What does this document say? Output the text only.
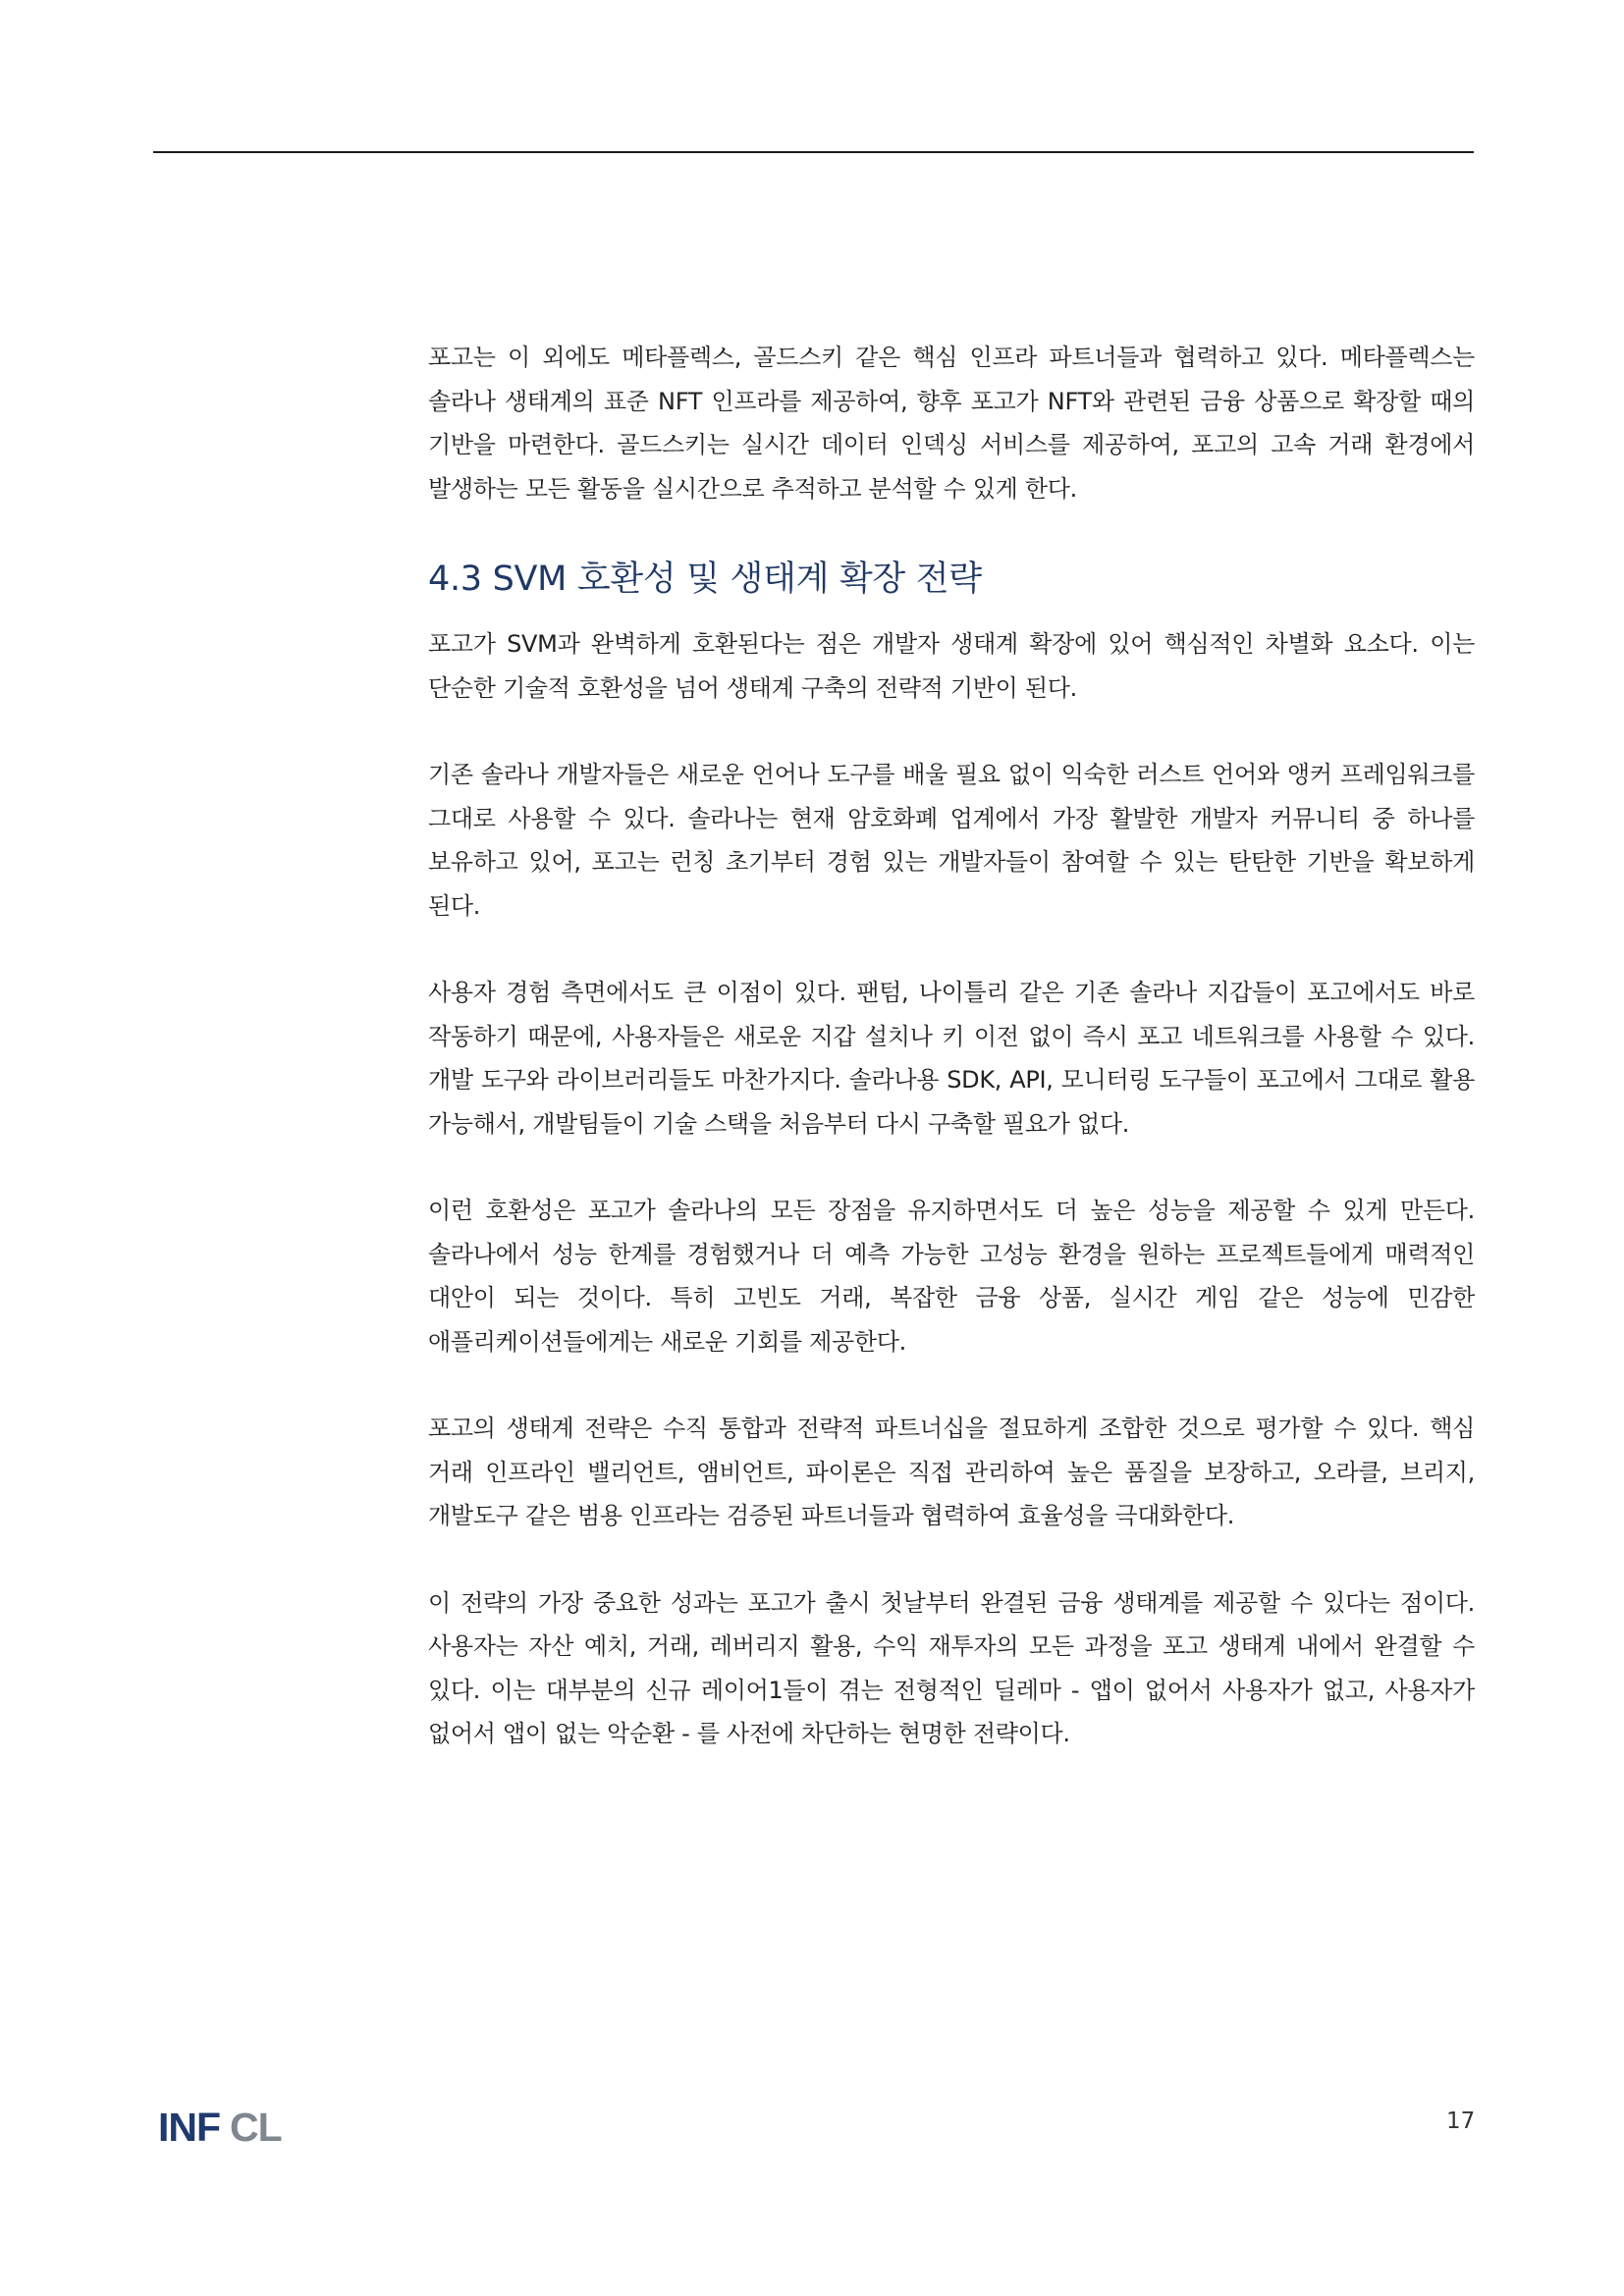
포고는 이 외에도 메타플렉스, 골드스키 같은 핵심 인프라 파트너들과 협력하고 있다. 메타플렉스는 솔라나 생태계의 표준 NFT 인프라를 제공하여, 향후 포고가 NFT와 관련된 금융 상품으로 확장할 때의 기반을 마련한다. 골드스키는 실시간 데이터 인덱싱 서비스를 제공하여, 포고의 고속 거래 환경에서 발생하는 모든 활동을 실시간으로 추적하고 분석할 수 있게 한다.

4.3 SVM 호환성 및 생태계 확장 전략

포고가 SVM과 완벽하게 호환된다는 점은 개발자 생태계 확장에 있어 핵심적인 차별화 요소다. 이는 단순한 기술적 호환성을 넘어 생태계 구축의 전략적 기반이 된다.

기존 솔라나 개발자들은 새로운 언어나 도구를 배울 필요 없이 익숙한 러스트 언어와 앵커 프레임워크를 그대로 사용할 수 있다. 솔라나는 현재 암호화폐 업계에서 가장 활발한 개발자 커뮤니티 중 하나를 보유하고 있어, 포고는 런칭 초기부터 경험 있는 개발자들이 참여할 수 있는 탄탄한 기반을 확보하게 된다.

사용자 경험 측면에서도 큰 이점이 있다. 팬텀, 나이틀리 같은 기존 솔라나 지갑들이 포고에서도 바로 작동하기 때문에, 사용자들은 새로운 지갑 설치나 키 이전 없이 즉시 포고 네트워크를 사용할 수 있다. 개발 도구와 라이브러리들도 마찬가지다. 솔라나용 SDK, API, 모니터링 도구들이 포고에서 그대로 활용 가능해서, 개발팀들이 기술 스택을 처음부터 다시 구축할 필요가 없다.

이런 호환성은 포고가 솔라나의 모든 장점을 유지하면서도 더 높은 성능을 제공할 수 있게 만든다. 솔라나에서 성능 한계를 경험했거나 더 예측 가능한 고성능 환경을 원하는 프로젝트들에게 매력적인 대안이 되는 것이다. 특히 고빈도 거래, 복잡한 금융 상품, 실시간 게임 같은 성능에 민감한 애플리케이션들에게는 새로운 기회를 제공한다.

포고의 생태계 전략은 수직 통합과 전략적 파트너십을 절묘하게 조합한 것으로 평가할 수 있다. 핵심 거래 인프라인 밸리언트, 앰비언트, 파이론은 직접 관리하여 높은 품질을 보장하고, 오라클, 브리지, 개발도구 같은 범용 인프라는 검증된 파트너들과 협력하여 효율성을 극대화한다.

이 전략의 가장 중요한 성과는 포고가 출시 첫날부터 완결된 금융 생태계를 제공할 수 있다는 점이다. 사용자는 자산 예치, 거래, 레버리지 활용, 수익 재투자의 모든 과정을 포고 생태계 내에서 완결할 수 있다. 이는 대부분의 신규 레이어1들이 겪는 전형적인 딜레마 - 앱이 없어서 사용자가 없고, 사용자가 없어서 앱이 없는 악순환 - 를 사전에 차단하는 현명한 전략이다.

INF CL	17
